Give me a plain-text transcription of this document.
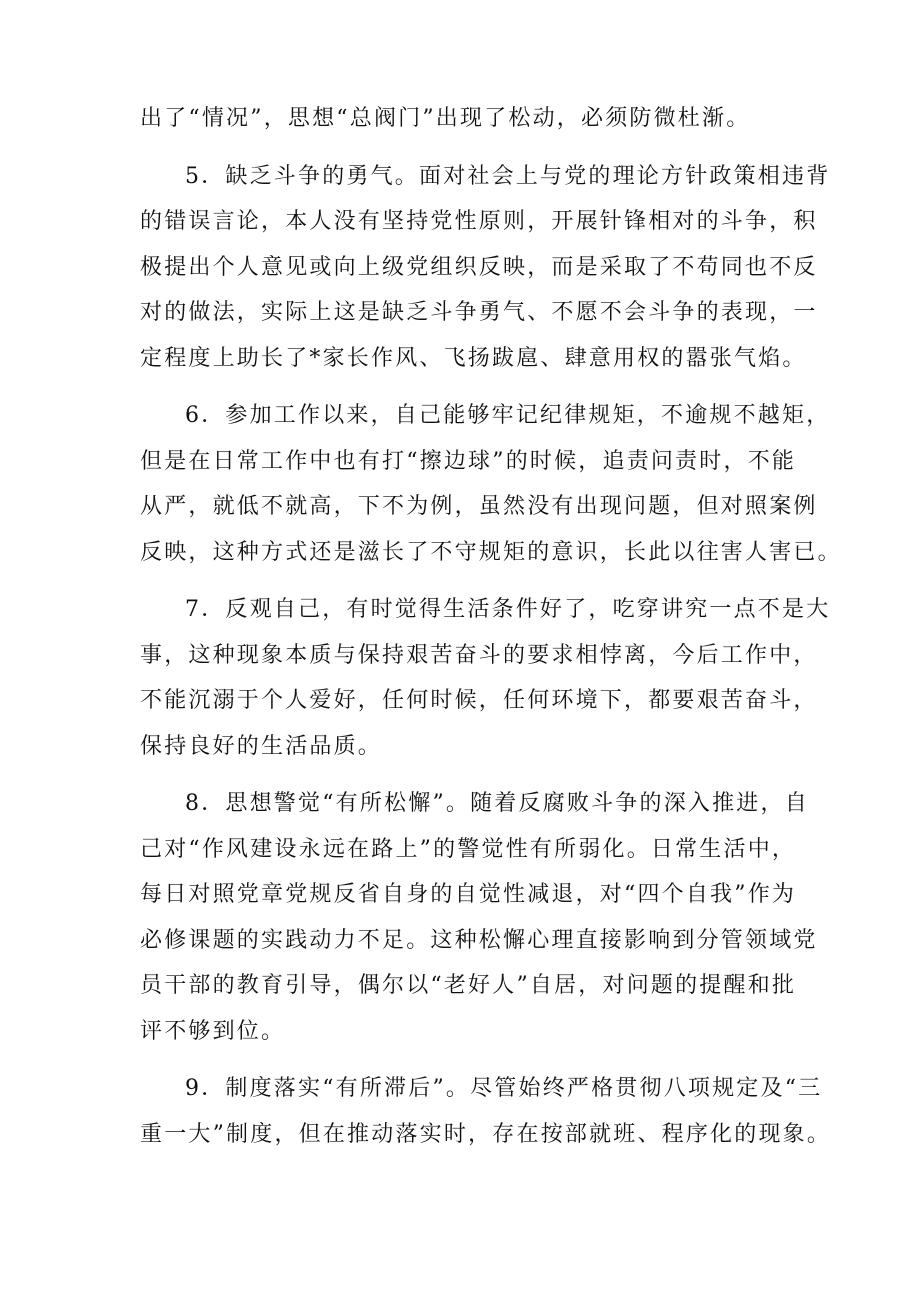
出了“情况”，思想“总阀门”出现了松动，必须防微杜渐。

5．缺乏斗争的勇气。面对社会上与党的理论方针政策相违背

的错误言论，本人没有坚持党性原则，开展针锋相对的斗争，积

极提出个人意见或向上级党组织反映，而是采取了不苟同也不反

对的做法，实际上这是缺乏斗争勇气、不愿不会斗争的表现，一

定程度上助长了*家长作风、飞扬跋扈、肆意用权的嚣张气焰。

6．参加工作以来，自己能够牢记纪律规矩，不逾规不越矩，

但是在日常工作中也有打“擦边球”的时候，追责问责时，不能

从严，就低不就高，下不为例，虽然没有出现问题，但对照案例

反映，这种方式还是滋长了不守规矩的意识，长此以往害人害已。

7．反观自己，有时觉得生活条件好了，吃穿讲究一点不是大

事，这种现象本质与保持艰苦奋斗的要求相悖离，今后工作中，

不能沉溺于个人爱好，任何时候，任何环境下，都要艰苦奋斗，

保持良好的生活品质。

8．思想警觉“有所松懈”。随着反腐败斗争的深入推进，自

己对“作风建设永远在路上”的警觉性有所弱化。日常生活中，

每日对照党章党规反省自身的自觉性减退，对“四个自我”作为

必修课题的实践动力不足。这种松懈心理直接影响到分管领域党

员干部的教育引导，偶尔以“老好人”自居，对问题的提醒和批

评不够到位。

9．制度落实“有所滞后”。尽管始终严格贯彻八项规定及“三

重一大”制度，但在推动落实时，存在按部就班、程序化的现象。
